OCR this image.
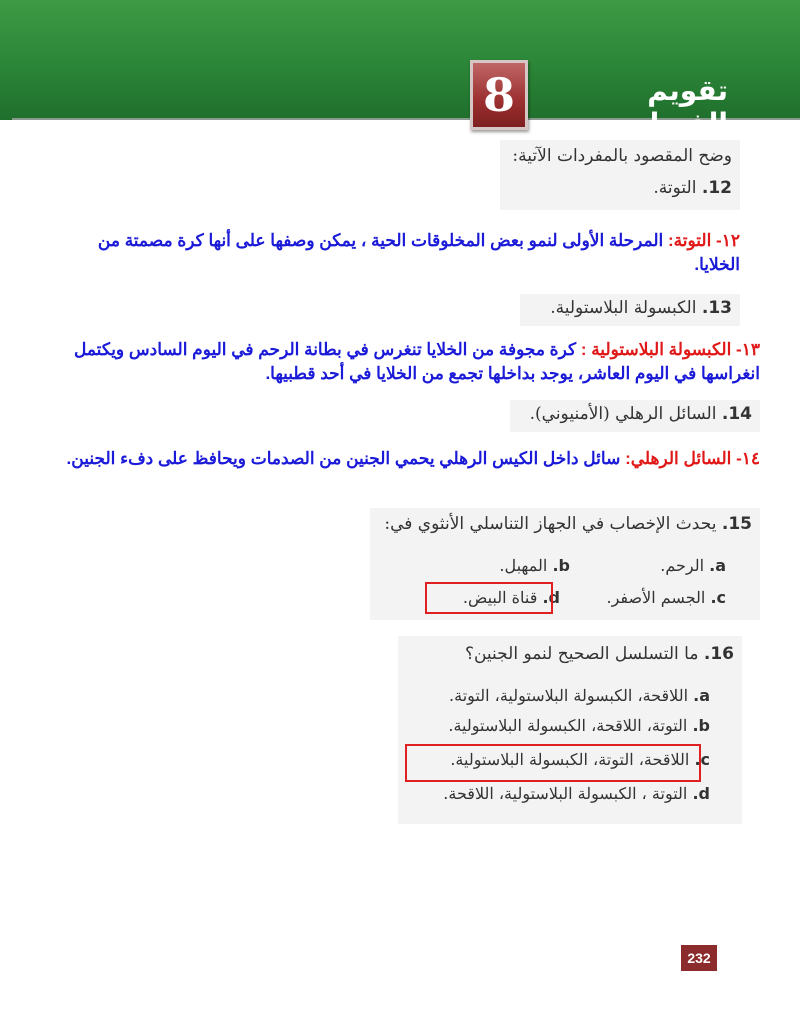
8	تقويم الفصل
وضح المقصود بالمفردات الآتية:
12. التوتة.
١٢- التوتة: المرحلة الأولى لنمو بعض المخلوقات الحية ، يمكن وصفها على أنها كرة مصمتة من الخلايا.
13. الكبسولة البلاستولية.
١٣- الكبسولة البلاستولية : كرة مجوفة من الخلايا تنغرس في بطانة الرحم في اليوم السادس ويكتمل انغراسها في اليوم العاشر، يوجد بداخلها تجمع من الخلايا في أحد قطبيها.
14. السائل الرهلي (الأمنيوني).
١٤- السائل الرهلي: سائل داخل الكيس الرهلي يحمي الجنين من الصدمات ويحافظ على دفء الجنين.
15. يحدث الإخصاب في الجهاز التناسلي الأنثوي في:
a. الرحم.
b. المهبل.
c. الجسم الأصفر.
d. قناة البيض.
16. ما التسلسل الصحيح لنمو الجنين؟
a. اللاقحة، الكبسولة البلاستولية، التوتة.
b. التوتة، اللاقحة، الكبسولة البلاستولية.
c. اللاقحة، التوتة، الكبسولة البلاستولية.
d. التوتة ، الكبسولة البلاستولية، اللاقحة.
232
